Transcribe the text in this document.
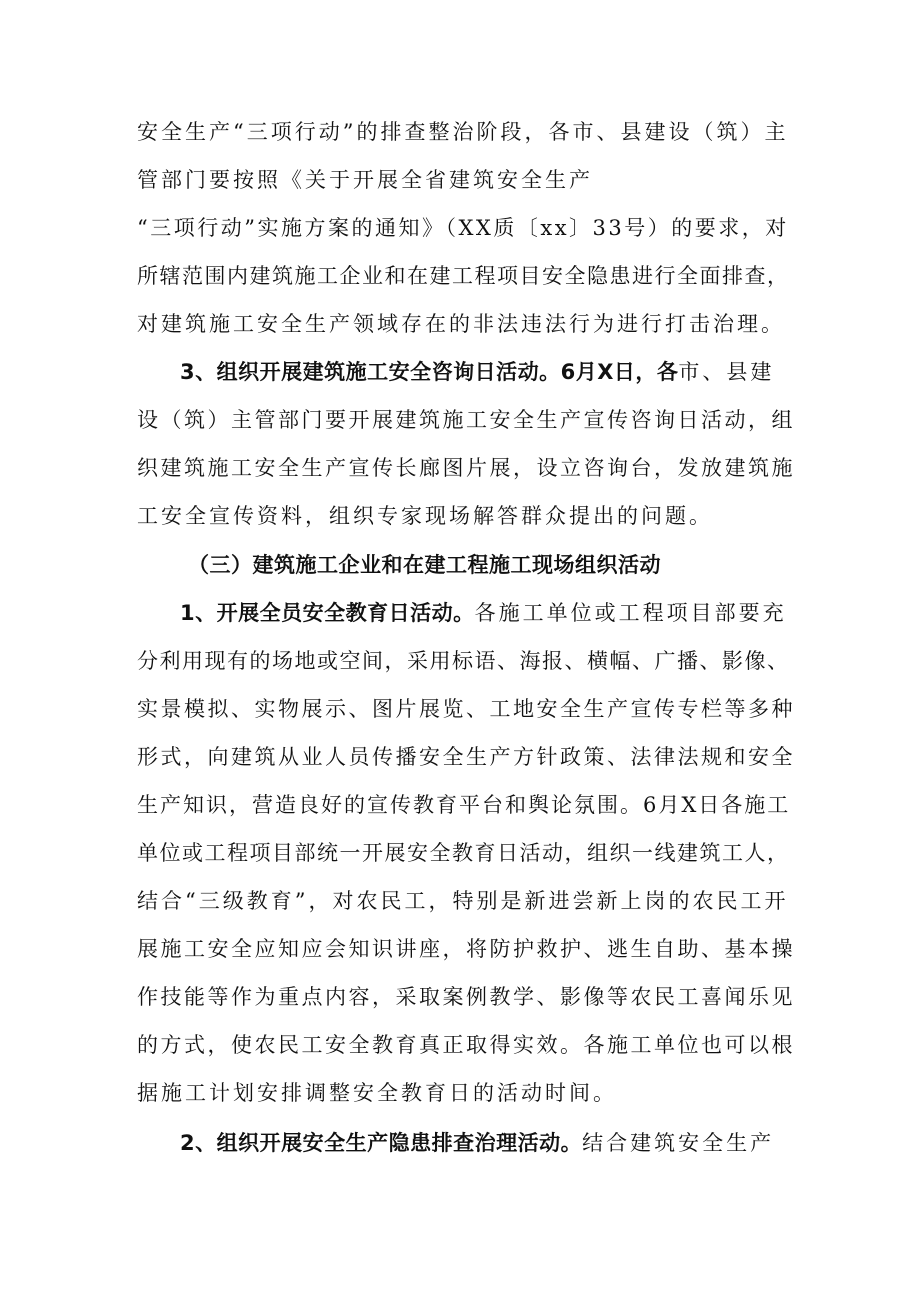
安全生产“三项行动”的排查整治阶段，各市、县建设（筑）主
管部门要按照《关于开展全省建筑安全生产
“三项行动”实施方案的通知》（XX质〔xx〕33号）的要求，对
所辖范围内建筑施工企业和在建工程项目安全隐患进行全面排查，
对建筑施工安全生产领域存在的非法违法行为进行打击治理。
3、组织开展建筑施工安全咨询日活动。6月X日，各市、县建
设（筑）主管部门要开展建筑施工安全生产宣传咨询日活动，组
织建筑施工安全生产宣传长廊图片展，设立咨询台，发放建筑施
工安全宣传资料，组织专家现场解答群众提出的问题。
（三）建筑施工企业和在建工程施工现场组织活动
1、开展全员安全教育日活动。各施工单位或工程项目部要充
分利用现有的场地或空间，采用标语、海报、横幅、广播、影像、
实景模拟、实物展示、图片展览、工地安全生产宣传专栏等多种
形式，向建筑从业人员传播安全生产方针政策、法律法规和安全
生产知识，营造良好的宣传教育平台和舆论氛围。6月X日各施工
单位或工程项目部统一开展安全教育日活动，组织一线建筑工人，
结合“三级教育”，对农民工，特别是新进尝新上岗的农民工开
展施工安全应知应会知识讲座，将防护救护、逃生自助、基本操
作技能等作为重点内容，采取案例教学、影像等农民工喜闻乐见
的方式，使农民工安全教育真正取得实效。各施工单位也可以根
据施工计划安排调整安全教育日的活动时间。
2、组织开展安全生产隐患排查治理活动。结合建筑安全生产
